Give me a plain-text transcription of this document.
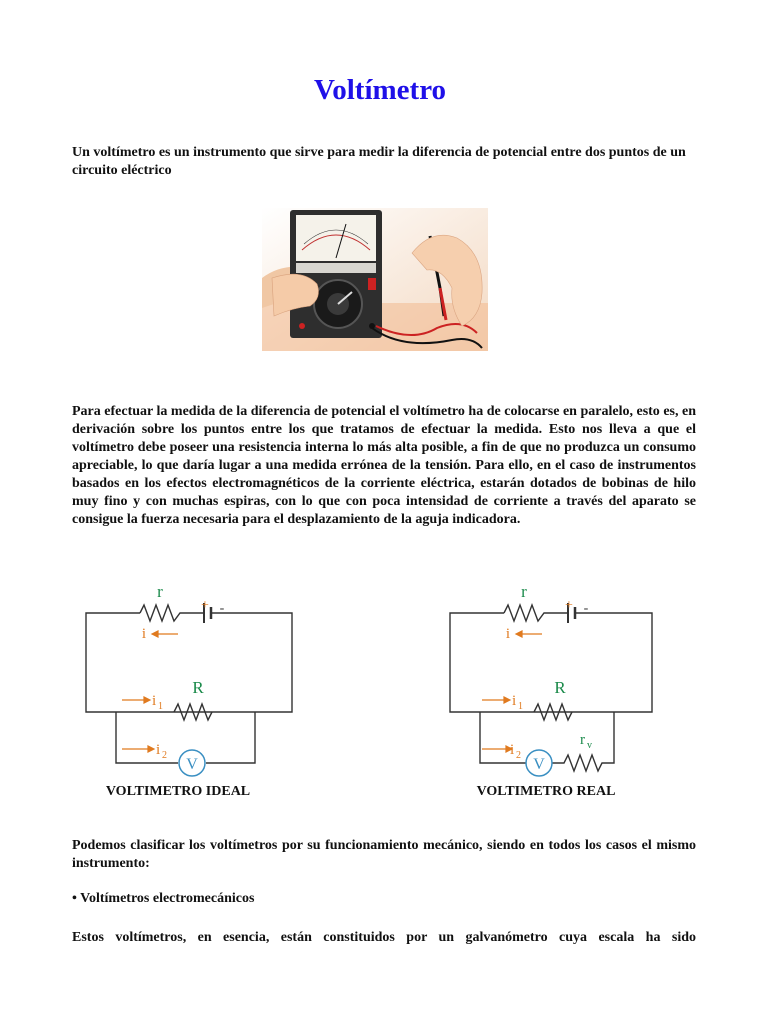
Voltímetro

Un voltímetro es un instrumento que sirve para medir la diferencia de potencial entre dos puntos de un circuito eléctrico

Para efectuar la medida de la diferencia de potencial el voltímetro ha de colocarse en paralelo, esto es, en derivación sobre los puntos entre los que tratamos de efectuar la medida. Esto nos lleva a que el voltímetro debe poseer una resistencia interna lo más alta posible, a fin de que no produzca un consumo apreciable, lo que daría lugar a una medida errónea de la tensión. Para ello, en el caso de instrumentos basados en los efectos electromagnéticos de la corriente eléctrica, estarán dotados de bobinas de hilo muy fino y con muchas espiras, con lo que con poca intensidad de corriente a través del aparato se consigue la fuerza necesaria para el desplazamiento de la aguja indicadora.

V
r
+ -
i
R
i 1
i 2
V
r
+ -
i
R
i 1
i 2
r v
VOLTIMETRO IDEAL	VOLTIMETRO REAL

Podemos clasificar los voltímetros por su funcionamiento mecánico, siendo en todos los casos el mismo instrumento:

• Voltímetros electromecánicos

Estos voltímetros, en esencia, están constituidos por un galvanómetro cuya escala ha sido
